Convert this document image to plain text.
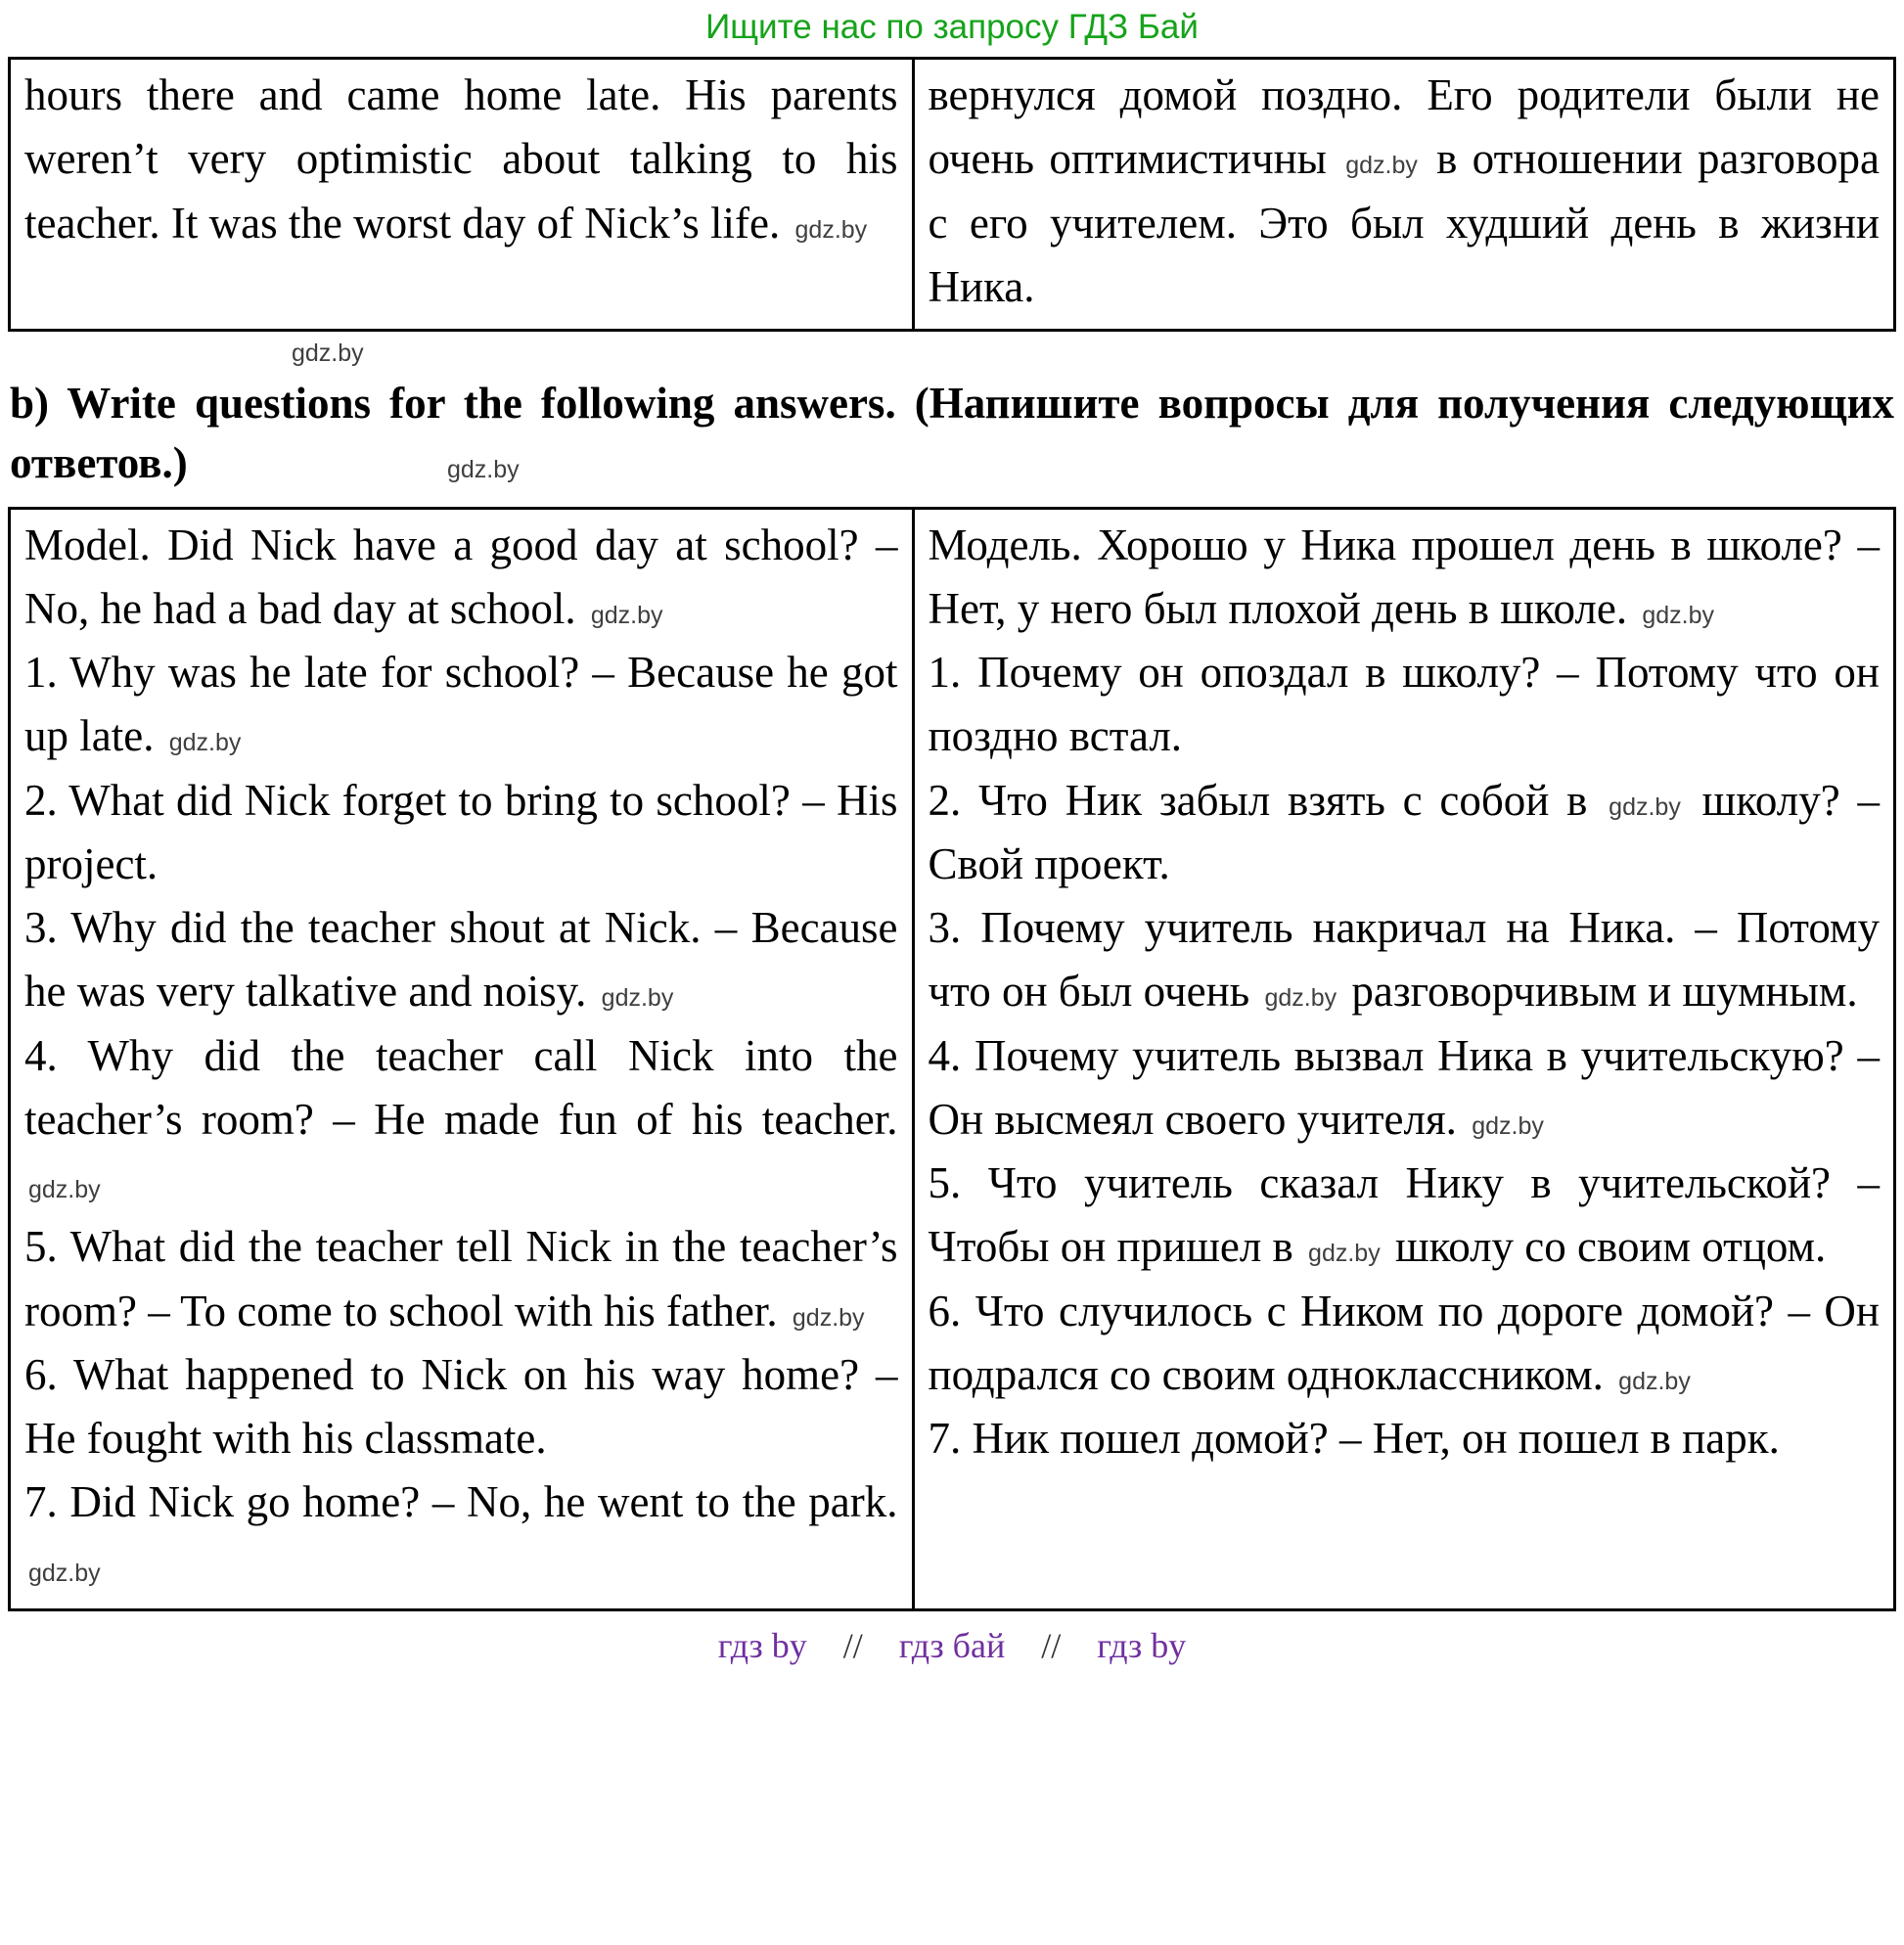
Ищите нас по запросу ГДЗ Бай

hours there and came home late. His parents weren’t very optimistic about talking to his teacher. It was the worst day of Nick’s life. gdz.by

вернулся домой поздно. Его родители были не очень оптимистичны gdz.by в отношении разговора с его учителем. Это был худший день в жизни Ника.

gdz.by
b) Write questions for the following answers. (Напишите вопросы для получения следующих ответов.)	gdz.by

Model. Did Nick have a good day at school? – No, he had a bad day at school. gdz.by

1. Why was he late for school? – Because he got up late. gdz.by

2. What did Nick forget to bring to school? – His project.

3. Why did the teacher shout at Nick. – Because he was very talkative and noisy. gdz.by

4. Why did the teacher call Nick into the teacher’s room? – He made fun of his teacher. gdz.by

5. What did the teacher tell Nick in the teacher’s room? – To come to school with his father. gdz.by

6. What happened to Nick on his way home? – He fought with his classmate.

7. Did Nick go home? – No, he went to the park. gdz.by

Модель. Хорошо у Ника прошел день в школе? – Нет, у него был плохой день в школе. gdz.by

1. Почему он опоздал в школу? – Потому что он поздно встал.

2. Что Ник забыл взять с собой в gdz.by школу? – Свой проект.

3. Почему учитель накричал на Ника. – Потому что он был очень gdz.by разговорчивым и шумным.

4. Почему учитель вызвал Ника в учительскую? – Он высмеял своего учителя. gdz.by

5. Что учитель сказал Нику в учительской? – Чтобы он пришел в gdz.by школу со своим отцом.

6. Что случилось с Ником по дороге домой? – Он подрался со своим одноклассником. gdz.by

7. Ник пошел домой? – Нет, он пошел в парк.

гдз by // гдз бай // гдз by
